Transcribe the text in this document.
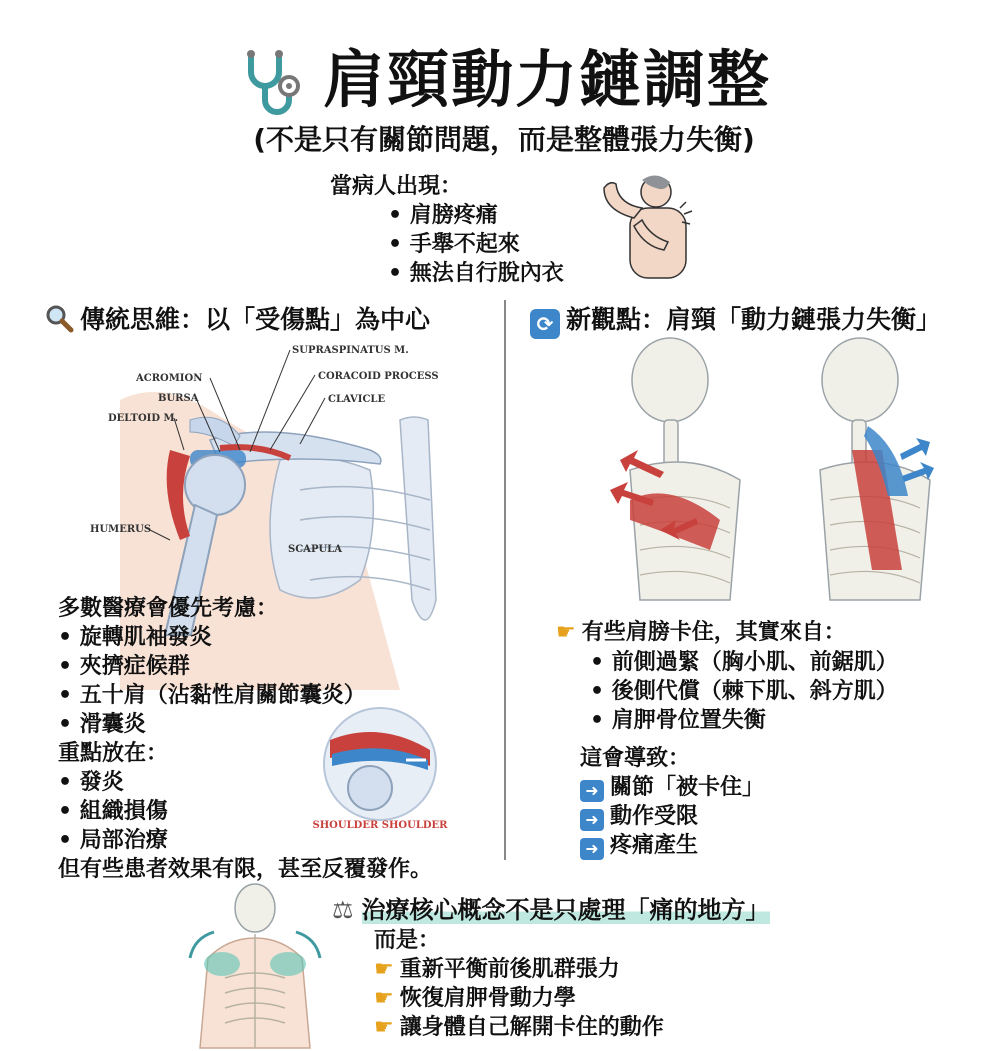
肩頸動力鏈調整
(不是只有關節問題，而是整體張力失衡)
當病人出現：
• 肩膀疼痛
• 手舉不起來
• 無法自行脫內衣
傳統思維：以「受傷點」為中心	⟳ 新觀點：肩頸「動力鏈張力失衡」
SUPRASPINATUS M.
ACROMION	CORACOID PROCESS
BURSA	CLAVICLE
DELTOID M.
HUMERUS
SCAPULA
多數醫療會優先考慮：
• 旋轉肌袖發炎
• 夾擠症候群
• 五十肩（沾黏性肩關節囊炎）
• 滑囊炎
重點放在：
• 發炎
• 組織損傷
• 局部治療
但有些患者效果有限，甚至反覆發作。
SHOULDER SHOULDER
☛ 有些肩膀卡住，其實來自：
• 前側過緊（胸小肌、前鋸肌）
• 後側代償（棘下肌、斜方肌）
• 肩胛骨位置失衡
這會導致：
➜ 關節「被卡住」
➜ 動作受限
➜ 疼痛產生
⚖ 治療核心概念不是只處理「痛的地方」
而是：
☛ 重新平衡前後肌群張力
☛ 恢復肩胛骨動力學
☛ 讓身體自己解開卡住的動作
